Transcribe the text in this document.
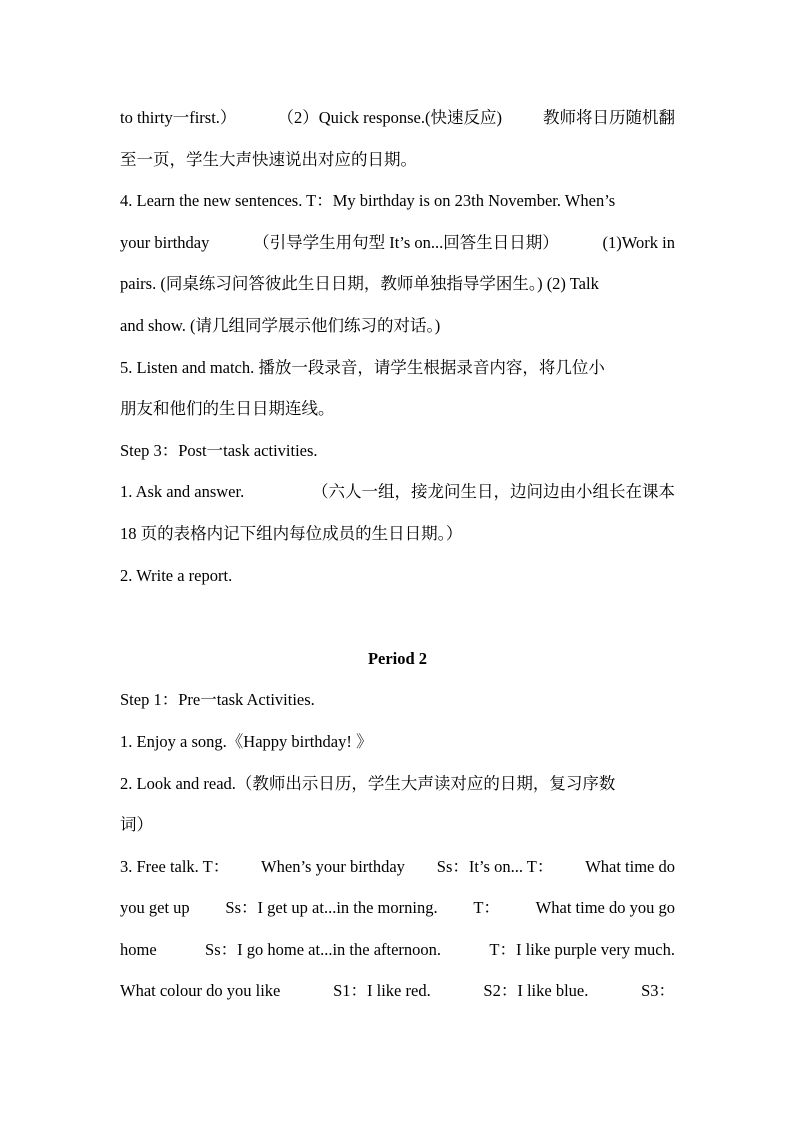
to thirty一first.） （2）Quick response.(快速反应) 教师将日历随机翻
至一页，学生大声快速说出对应的日期。
4. Learn the new sentences. T：My birthday is on 23th November. When’s
your birthday	（引导学生用句型 It’s on...回答生日日期）	(1)Work in
pairs. (同桌练习问答彼此生日日期，教师单独指导学困生。) (2) Talk
and show. (请几组同学展示他们练习的对话。)
5. Listen and match. 播放一段录音，请学生根据录音内容，将几位小
朋友和他们的生日日期连线。
Step 3：Post一task activities.
1. Ask and answer.	（六人一组，接龙问生日，边问边由小组长在课本
18 页的表格内记下组内每位成员的生日日期。）
2. Write a report.
Period 2
Step 1：Pre一task Activities.
1. Enjoy a song.《Happy birthday! 》
2. Look and read.（教师出示日历，学生大声读对应的日期，复习序数
词）
3. Free talk. T： When’s your birthday Ss：It’s on... T： What time do
you get up Ss：I get up at...in the morning. T： What time do you go
home	Ss：I go home at...in the afternoon.	T：I like purple very much.
What colour do you like	S1：I like red.	S2：I like blue.	S3：
